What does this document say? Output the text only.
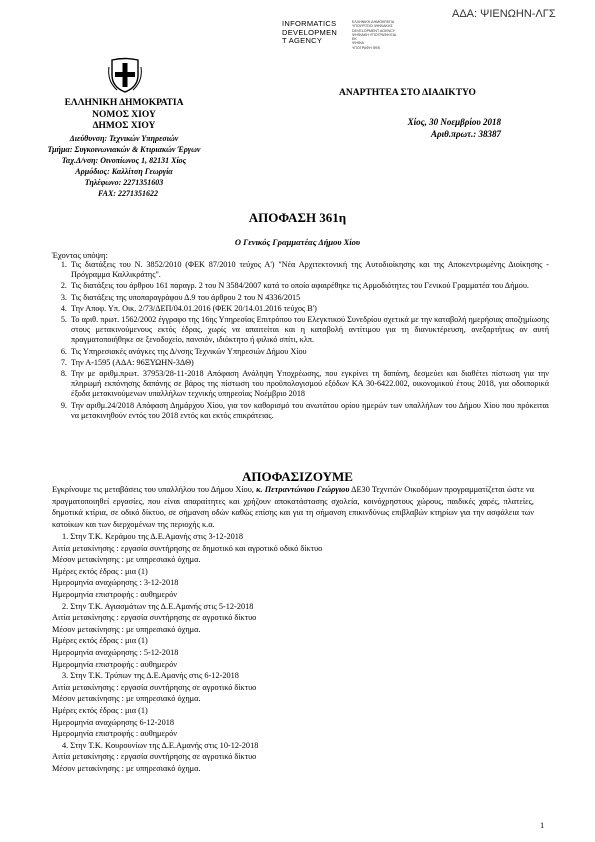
ΑΔΑ: ΨΙΕΝΩΗΝ-ΛΓΣ
INFORMATICS
DEVELOPMEN
T AGENCY
ΕΛΛΗΝΙΚΗ ΔΗΜΟΚΡΑΤΙΑ
ΥΠΟΥΡΓΕΙΟ ΨΗΦΙΑΚΗΣ
DEVELOPMENT AGENCY
ΨΗΦΙΑΚΗ ΥΠΟΓΡΑΦΗ ΕΙΔ
ΕΚ
ΨΗΦΙΑ
ΥΠΟΓΡΑΦΗ ΦΕΚ
ΕΛΛΗΝΙΚΗ ΔΗΜΟΚΡΑΤΙΑ
ΝΟΜΟΣ ΧΙΟΥ
ΔΗΜΟΣ ΧΙΟΥ
Διεύθυνση: Τεχνικών Υπηρεσιών
Τμήμα: Συγκοινωνιακών & Κτιριακών Έργων
Ταχ.Δ/νση: Οινοπίωνος 1, 82131 Χίος
Αρμόδιος: Καλλίτση Γεωργία
Τηλέφωνο: 2271351603
FAX: 2271351622
ΑΝΑΡΤΗΤΕΑ ΣΤΟ ΔΙΑΔΙΚΤΥΟ
Χίος, 30 Νοεμβρίου 2018
Αριθ.πρωτ.: 38387
ΑΠΟΦΑΣΗ 361η
Ο Γενικός Γραμματέας Δήμου Χίου
Έχοντας υπόψη:
1. Τις διατάξεις του Ν. 3852/2010 (ΦΕΚ 87/2010 τεύχος Α') "Νέα Αρχιτεκτονική της Αυτοδιοίκησης και της Αποκεντρωμένης Διοίκησης - Πρόγραμμα Καλλικράτης".
2. Τις διατάξεις του άρθρου 161 παραγρ. 2 του Ν 3584/2007 κατά το οποίο αφαιρέθηκε τις Αρμοδιότητες του Γενικού Γραμματέα του Δήμου.
3. Τις διατάξεις της υποπαραγράφου Δ.9 του άρθρου 2 του Ν 4336/2015
4. Την Αποφ. Υπ. Οικ. 2/73/ΔΕΠ/04.01.2016 (ΦΕΚ 20/14.01.2016 τεύχος Β')
5. Το αριθ. πρωτ. 1562/2002 έγγραφο της 16ης Υπηρεσίας Επιτρόπου του Ελεγκτικού Συνεδρίου σχετικά με την καταβολή ημερήσιας αποζημίωσης στους μετακινούμενους εκτός έδρας, χωρίς να απαιτείται και η καταβολή αντίτιμου για τη διανυκτέρευση, ανεξαρτήτως αν αυτή πραγματοποιήθηκε σε ξενοδοχείο, πανσιόν, ιδιόκτητο ή φιλικό σπίτι, κλπ.
6. Τις Υπηρεσιακές ανάγκες της Δ/νσης Τεχνικών Υπηρεσιών Δήμου Χίου
7. Την Α-1595 (ΑΔΑ: 96ΞΥΩΗΝ-3ΔΘ)
8. Την με αριθμ.πρωτ. 37953/28-11-2018 Απόφαση Ανάληψη Υποχρέωσης, που εγκρίνει τη δαπάνη, δεσμεύει και διαθέτει πίστωση για την πληρωμή εκπόνησης δαπάνης σε βάρος της πίστωση του προϋπολογισμού εξόδων ΚΑ 30-6422.002, οικονομικού έτους 2018, για οδοιπορικά έξοδα μετακινούμενων υπαλλήλων τεχνικής υπηρεσίας Νοέμβριο 2018
9. Την αριθμ.24/2018 Απόφαση Δημάρχου Χίου, για τον καθορισμό του ανωτάτου ορίου ημερών των υπαλλήλων του Δήμου Χίου που πρόκειται να μετακινηθούν εντός του 2018 εντός και εκτός επικράτειας.
ΑΠΟΦΑΣΙΖΟΥΜΕ
Εγκρίνουμε τις μεταβάσεις του υπαλλήλου του Δήμου Χίου, κ. Πετραντώνιου Γεώργιου ΔΕ30 Τεχνιτών Οικοδόμων προγραμματίζεται ώστε να πραγματοποιηθεί εργασίες, που είναι απαραίτητες και χρήζουν αποκατάστασης σχολεία, κοινόχρηστους χώρους, παιδικές χαρές, πλατείες, δημοτικά κτίρια, σε οδικό δίκτυο, σε σήμανση οδών καθώς επίσης και για τη σήμανση επικινδύνως επιβλαβών κτηρίων για την ασφάλεια των κατοίκων και των διερχομένων της περιοχής κ.α.
1. Στην Τ.Κ. Κεράμου της Δ.Ε.Αμανής στις 3-12-2018
Αιτία μετακίνησης : εργασία συντήρησης σε δημοτικό και αγροτικό οδικό δίκτυο
Μέσον μετακίνησης : με υπηρεσιακό όχημα.
Ημέρες εκτός έδρας : μια (1)
Ημερομηνία αναχώρησης : 3-12-2018
Ημερομηνία επιστροφής : αυθημερόν
2. Στην Τ.Κ. Αγιασμάτων της Δ.Ε.Αμανής στις 5-12-2018
Αιτία μετακίνησης : εργασία συντήρησης σε αγροτικό δίκτυο
Μέσον μετακίνησης : με υπηρεσιακό όχημα.
Ημέρες εκτός έδρας : μια (1)
Ημερομηνία αναχώρησης : 5-12-2018
Ημερομηνία επιστροφής : αυθημερόν
3. Στην Τ.Κ. Τρύπων της Δ.Ε.Αμανής στις 6-12-2018
Αιτία μετακίνησης : εργασία συντήρησης σε αγροτικό δίκτυο
Μέσον μετακίνησης : με υπηρεσιακό όχημα.
Ημέρες εκτός έδρας : μια (1)
Ημερομηνία αναχώρησης 6-12-2018
Ημερομηνία επιστροφής : αυθημερόν
4. Στην Τ.Κ. Κουρουνίων της Δ.Ε.Αμανής στις 10-12-2018
Αιτία μετακίνησης : εργασία συντήρησης σε αγροτικό δίκτυο
Μέσον μετακίνησης : με υπηρεσιακό όχημα.
1
